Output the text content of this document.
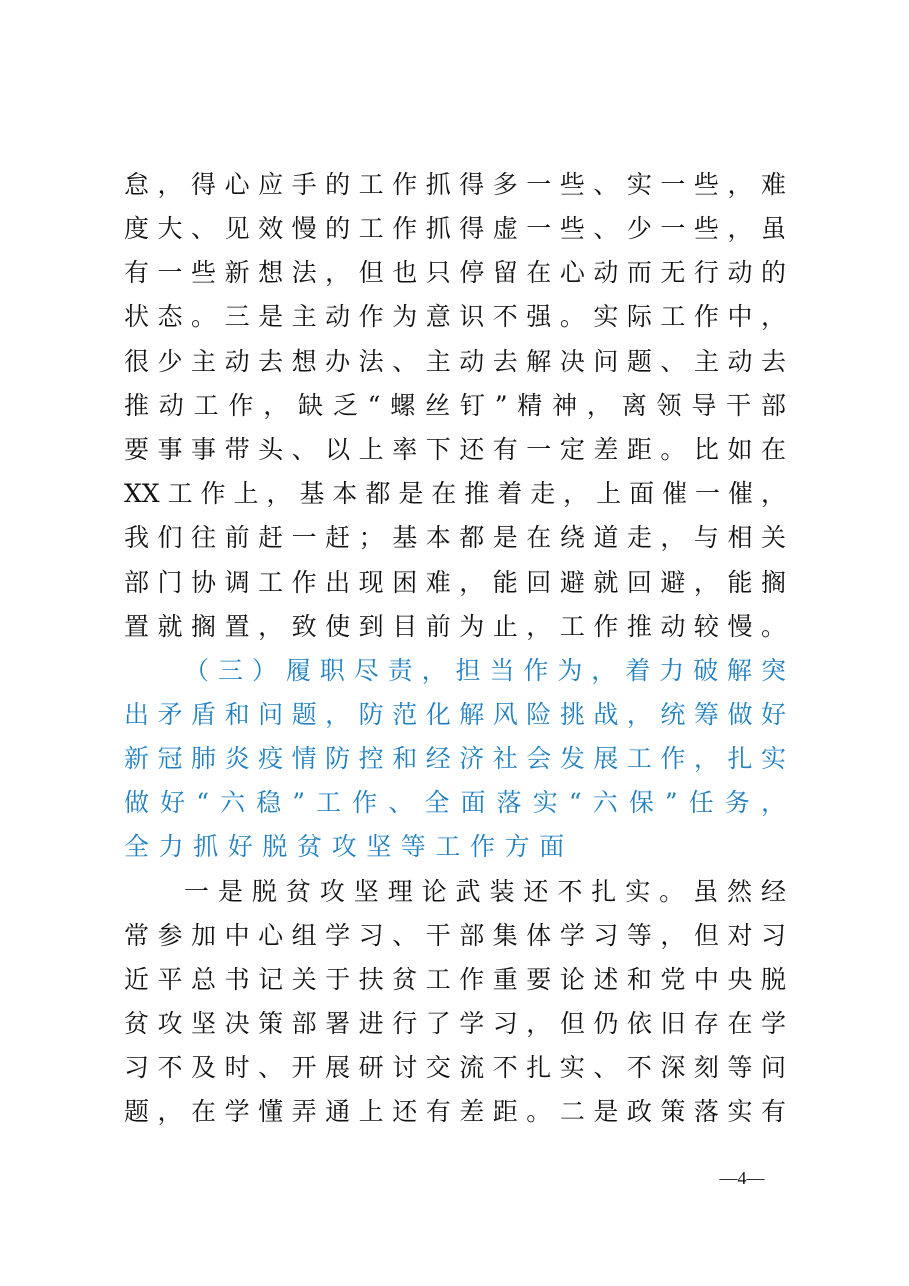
怠，得心应手的工作抓得多一些、实一些，难
度大、见效慢的工作抓得虚一些、少一些，虽
有一些新想法，但也只停留在心动而无行动的
状态。三是主动作为意识不强。实际工作中，
很少主动去想办法、主动去解决问题、主动去
推动工作，缺乏“螺丝钉”精神，离领导干部
要事事带头、以上率下还有一定差距。比如在
XX工作上，基本都是在推着走，上面催一催，
我们往前赶一赶；基本都是在绕道走，与相关
部门协调工作出现困难，能回避就回避，能搁
置就搁置，致使到目前为止，工作推动较慢。
（三）履职尽责，担当作为，着力破解突
出矛盾和问题，防范化解风险挑战，统筹做好
新冠肺炎疫情防控和经济社会发展工作，扎实
做好“六稳”工作、全面落实“六保”任务，
全力抓好脱贫攻坚等工作方面
一是脱贫攻坚理论武装还不扎实。虽然经
常参加中心组学习、干部集体学习等，但对习
近平总书记关于扶贫工作重要论述和党中央脱
贫攻坚决策部署进行了学习，但仍依旧存在学
习不及时、开展研讨交流不扎实、不深刻等问
题，在学懂弄通上还有差距。二是政策落实有
—4—
